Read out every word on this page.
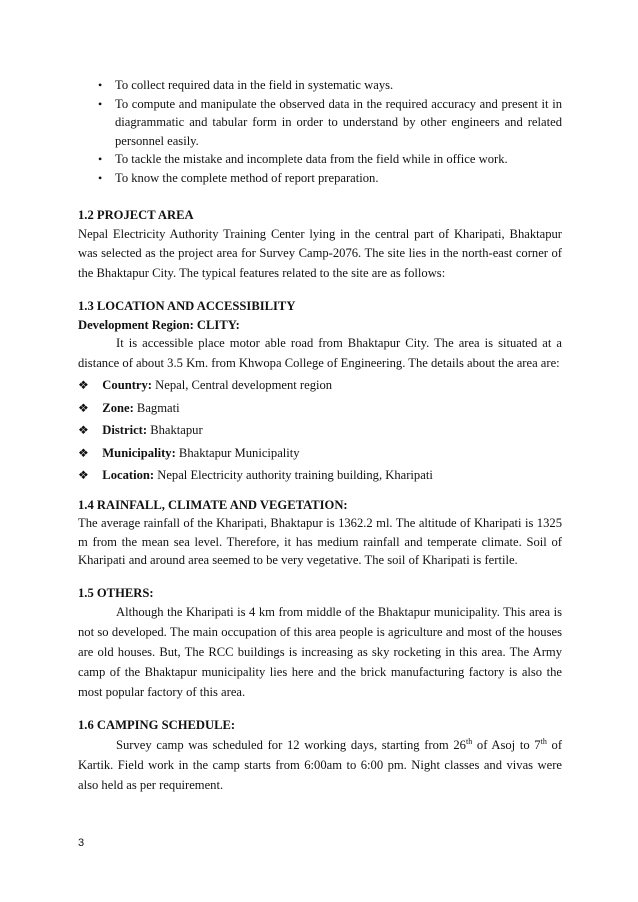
• To collect required data in the field in systematic ways.
• To compute and manipulate the observed data in the required accuracy and present it in diagrammatic and tabular form in order to understand by other engineers and related personnel easily.
• To tackle the mistake and incomplete data from the field while in office work.
• To know the complete method of report preparation.
1.2 PROJECT AREA

Nepal Electricity Authority Training Center lying in the central part of Kharipati, Bhaktapur was selected as the project area for Survey Camp-2076. The site lies in the north-east corner of the Bhaktapur City. The typical features related to the site are as follows:

1.3 LOCATION AND ACCESSIBILITY
Development Region: CLITY:

It is accessible place motor able road from Bhaktapur City. The area is situated at a distance of about 3.5 Km. from Khwopa College of Engineering. The details about the area are:

❖ Country: Nepal, Central development region
❖ Zone: Bagmati
❖ District: Bhaktapur
❖ Municipality: Bhaktapur Municipality
❖ Location: Nepal Electricity authority training building, Kharipati
1.4 RAINFALL, CLIMATE AND VEGETATION:

The average rainfall of the Kharipati, Bhaktapur is 1362.2 ml. The altitude of Kharipati is 1325 m from the mean sea level. Therefore, it has medium rainfall and temperate climate. Soil of Kharipati and around area seemed to be very vegetative. The soil of Kharipati is fertile.

1.5 OTHERS:

Although the Kharipati is 4 km from middle of the Bhaktapur municipality. This area is not so developed. The main occupation of this area people is agriculture and most of the houses are old houses. But, The RCC buildings is increasing as sky rocketing in this area. The Army camp of the Bhaktapur municipality lies here and the brick manufacturing factory is also the most popular factory of this area.

1.6 CAMPING SCHEDULE:

Survey camp was scheduled for 12 working days, starting from 26th of Asoj to 7th of Kartik. Field work in the camp starts from 6:00am to 6:00 pm. Night classes and vivas were also held as per requirement.

3
